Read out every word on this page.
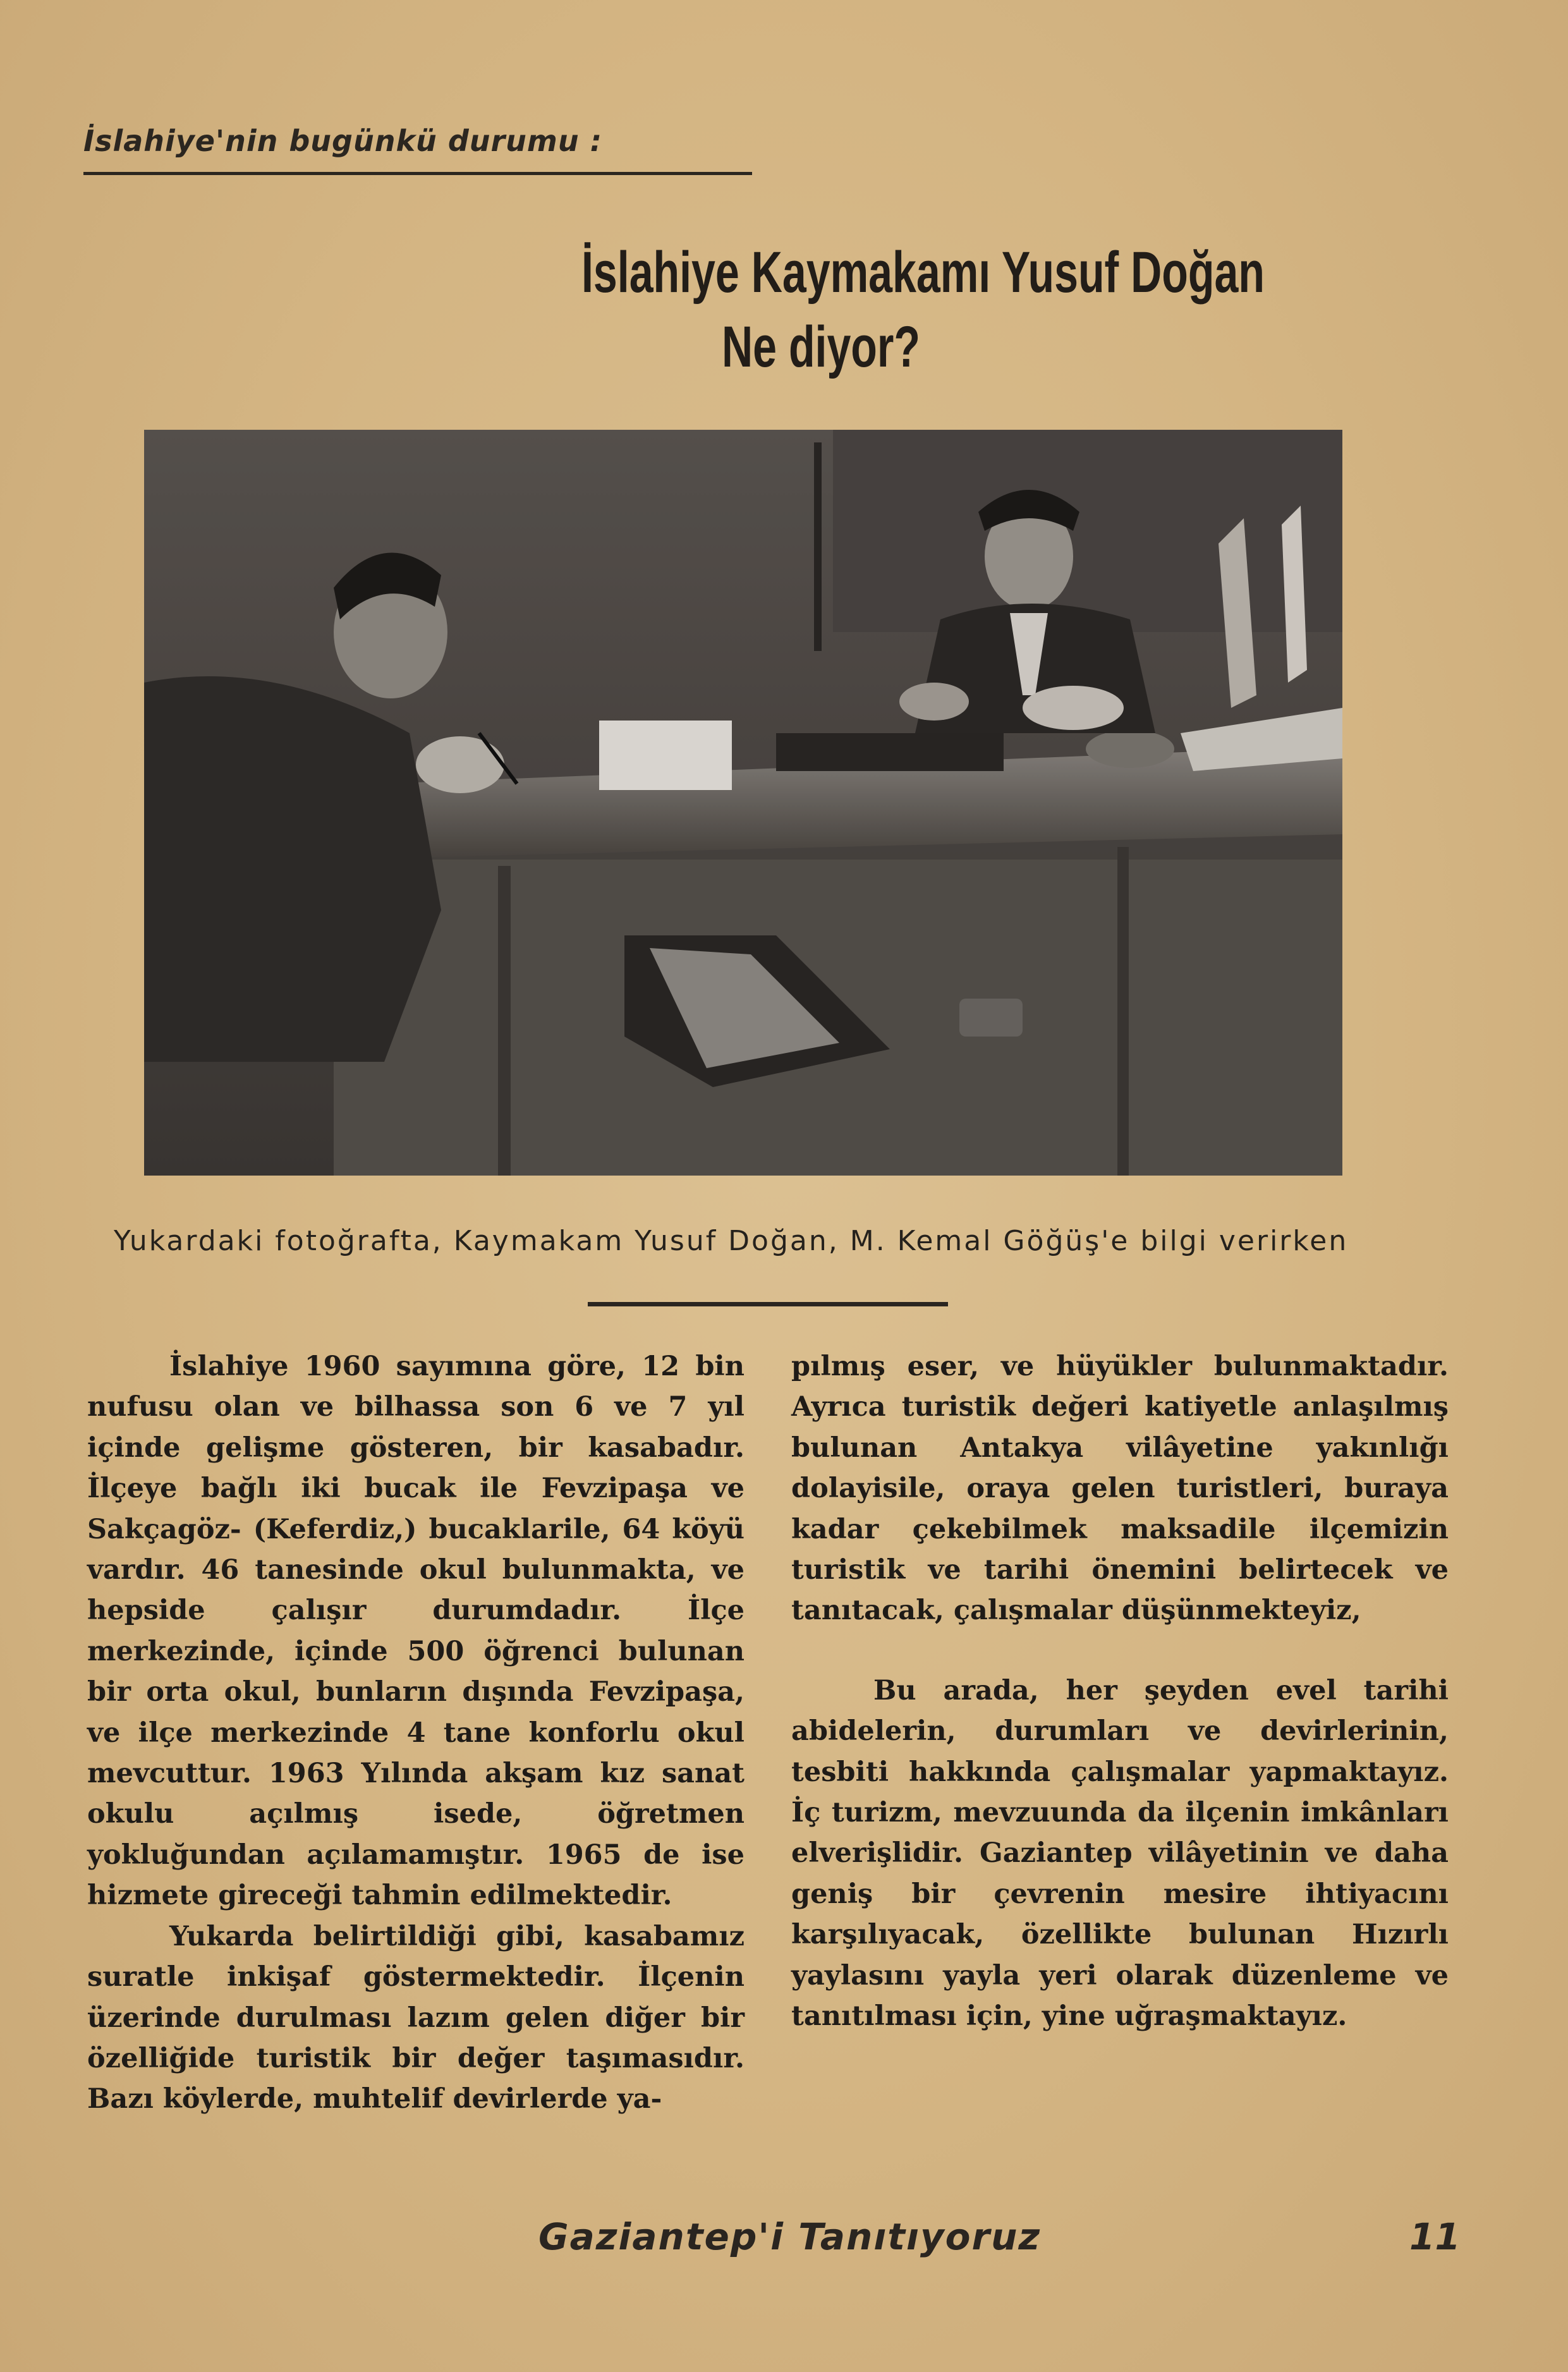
İslahiye'nin bugünkü durumu :
İslahiye Kaymakamı Yusuf Doğan
Ne diyor?
Yukardaki fotoğrafta, Kaymakam Yusuf Doğan, M. Kemal Göğüş'e bilgi verirken

İslahiye 1960 sayımına göre, 12 bin nufusu olan ve bilhassa son 6 ve 7 yıl içinde gelişme gösteren, bir kasabadır. İlçeye bağlı iki bucak ile Fevzipaşa ve Sakçagöz- (Keferdiz,) bucaklarile, 64 köyü vardır. 46 tanesinde okul bulunmakta, ve hepside çalışır durumdadır. İlçe merkezinde, içinde 500 öğrenci bulunan bir orta okul, bunların dışında Fevzipaşa, ve ilçe merkezinde 4 tane konforlu okul mevcuttur. 1963 Yılında akşam kız sanat okulu açılmış isede, öğretmen yokluğundan açılamamıştır. 1965 de ise hizmete gireceği tahmin edilmektedir.

Yukarda belirtildiği gibi, kasabamız suratle inkişaf göstermektedir. İlçenin üzerinde durulması lazım gelen diğer bir özelliğide turistik bir değer taşımasıdır. Bazı köylerde, muhtelif devirlerde ya-

pılmış eser, ve hüyükler bulunmaktadır. Ayrıca turistik değeri katiyetle anlaşılmış bulunan Antakya vilâyetine yakınlığı dolayisile, oraya gelen turistleri, buraya kadar çekebilmek maksadile ilçemizin turistik ve tarihi önemini belirtecek ve tanıtacak, çalışmalar düşünmekteyiz,

Bu arada, her şeyden evel tarihi abidelerin, durumları ve devirlerinin, tesbiti hakkında çalışmalar yapmaktayız. İç turizm, mevzuunda da ilçenin imkânları elverişlidir. Gaziantep vilâyetinin ve daha geniş bir çevrenin mesire ihtiyacını karşılıyacak, özellikte bulunan Hızırlı yaylasını yayla yeri olarak düzenleme ve tanıtılması için, yine uğraşmaktayız.

Gaziantep'i Tanıtıyoruz	11
